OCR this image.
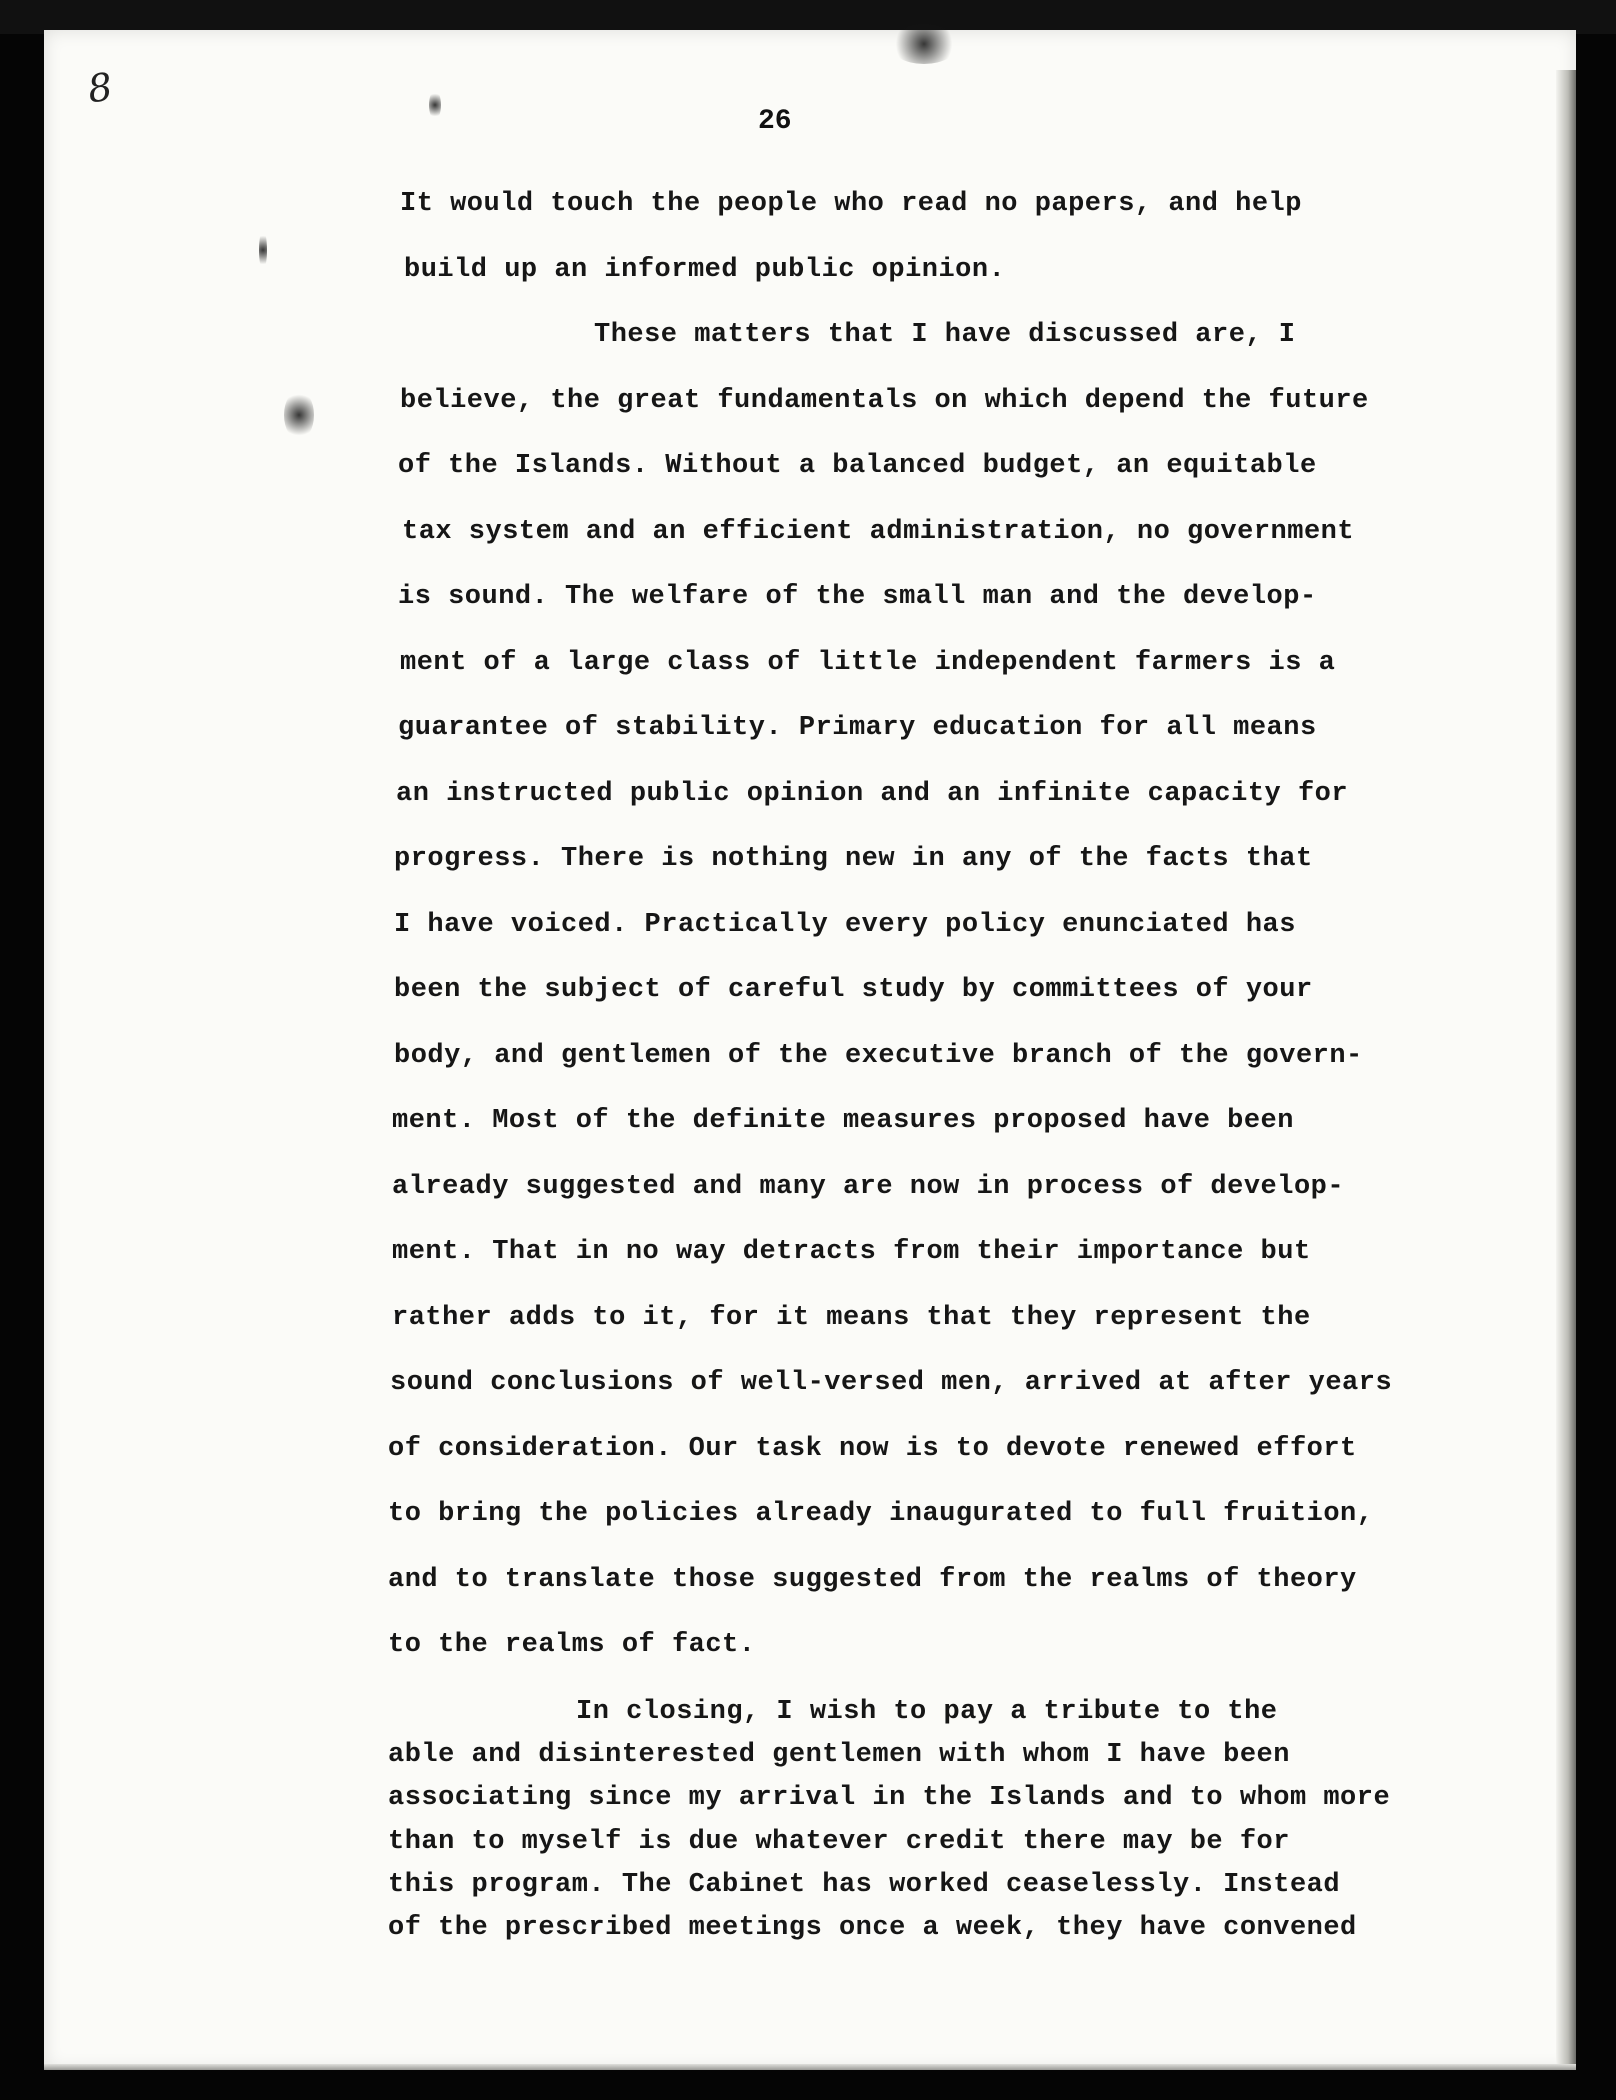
8
26
It would touch the people who read no papers, and help
build up an informed public opinion.
These matters that I have discussed are, I
believe, the great fundamentals on which depend the future
of the Islands. Without a balanced budget, an equitable
tax system and an efficient administration, no government
is sound. The welfare of the small man and the develop-
ment of a large class of little independent farmers is a
guarantee of stability. Primary education for all means
an instructed public opinion and an infinite capacity for
progress. There is nothing new in any of the facts that
I have voiced. Practically every policy enunciated has
been the subject of careful study by committees of your
body, and gentlemen of the executive branch of the govern-
ment. Most of the definite measures proposed have been
already suggested and many are now in process of develop-
ment. That in no way detracts from their importance but
rather adds to it, for it means that they represent the
sound conclusions of well-versed men, arrived at after years
of consideration. Our task now is to devote renewed effort
to bring the policies already inaugurated to full fruition,
and to translate those suggested from the realms of theory
to the realms of fact.
In closing, I wish to pay a tribute to the
able and disinterested gentlemen with whom I have been
associating since my arrival in the Islands and to whom more
than to myself is due whatever credit there may be for
this program. The Cabinet has worked ceaselessly. Instead
of the prescribed meetings once a week, they have convened
